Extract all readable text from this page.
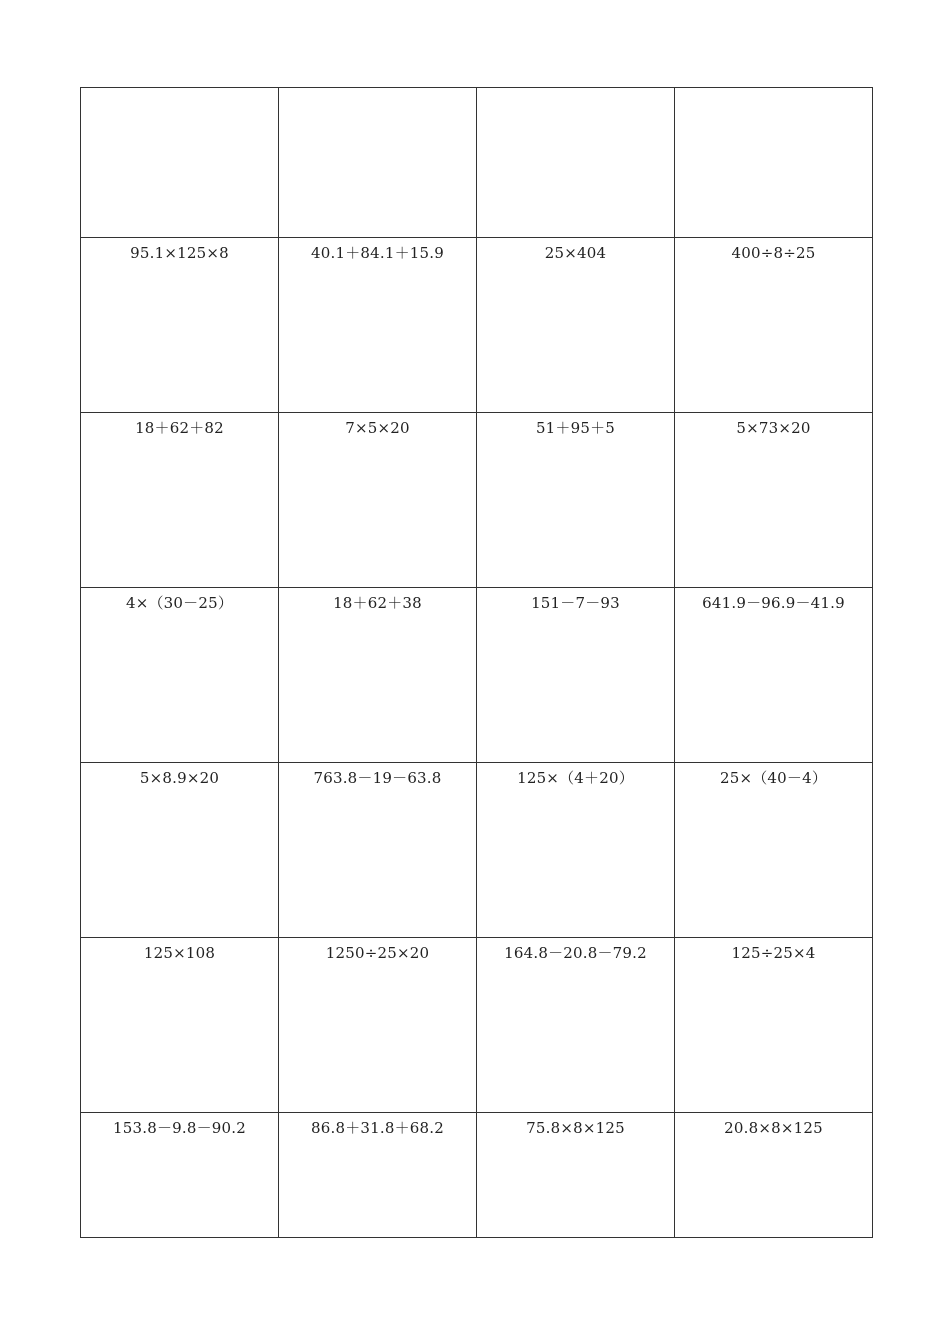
95.1×125×8	40.1＋84.1＋15.9	25×404	400÷8÷25

18＋62＋82	7×5×20	51＋95＋5	5×73×20

4×（30－25）	18＋62＋38	151－7－93	641.9－96.9－41.9

5×8.9×20	763.8－19－63.8	125×（4＋20）	25×（40－4）

125×108	1250÷25×20	164.8－20.8－79.2	125÷25×4

153.8－9.8－90.2	86.8＋31.8＋68.2	75.8×8×125	20.8×8×125
